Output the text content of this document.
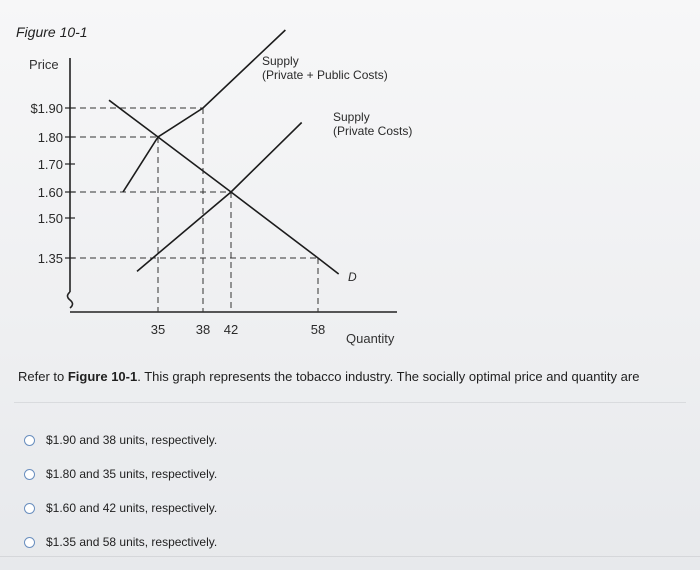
Figure 10-1
Price
Quantity
$1.90
1.80
1.70
1.60
1.50
1.35
35 38 42	58
D
Supply
(Private + Public Costs)
Supply
(Private Costs)
Refer to Figure 10-1. This graph represents the tobacco industry. The socially optimal price and quantity are
$1.90 and 38 units, respectively.
$1.80 and 35 units, respectively.
$1.60 and 42 units, respectively.
$1.35 and 58 units, respectively.
